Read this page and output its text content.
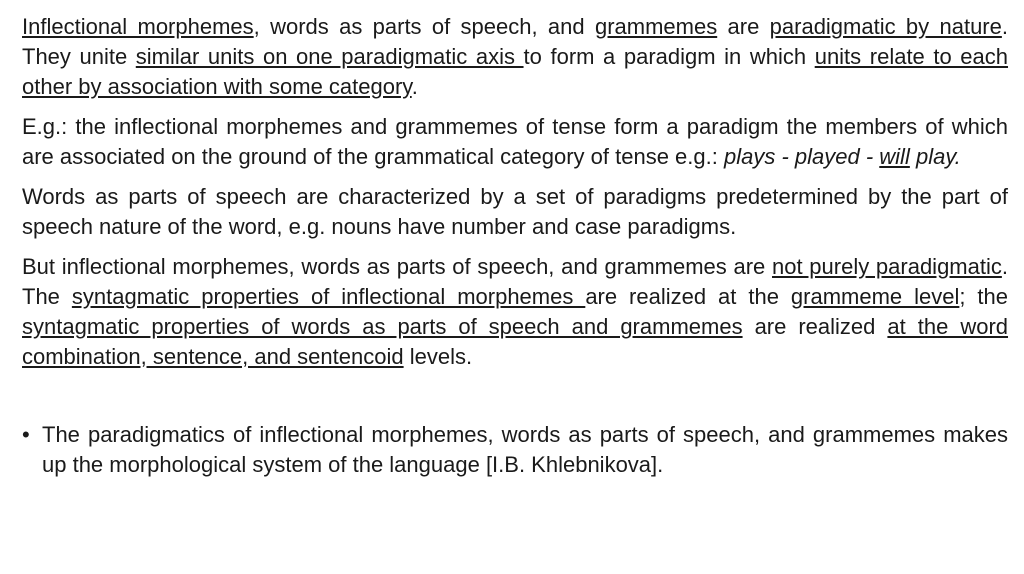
Inflectional morphemes, words as parts of speech, and grammemes are paradigmatic by nature. They unite similar units on one paradigmatic axis to form a paradigm in which units relate to each other by association with some category.

E.g.: the inflectional morphemes and grammemes of tense form a paradigm the members of which are associated on the ground of the grammatical category of tense e.g.: plays - played - will play.

Words as parts of speech are characterized by a set of paradigms predetermined by the part of speech nature of the word, e.g. nouns have number and case paradigms.

But inflectional morphemes, words as parts of speech, and grammemes are not purely paradigmatic. The syntagmatic properties of inflectional morphemes are realized at the grammeme level; the syntagmatic properties of words as parts of speech and grammemes are realized at the word combination, sentence, and sentencoid levels.

• The paradigmatics of inflectional morphemes, words as parts of speech, and grammemes makes up the morphological system of the language [I.B. Khlebnikova].
